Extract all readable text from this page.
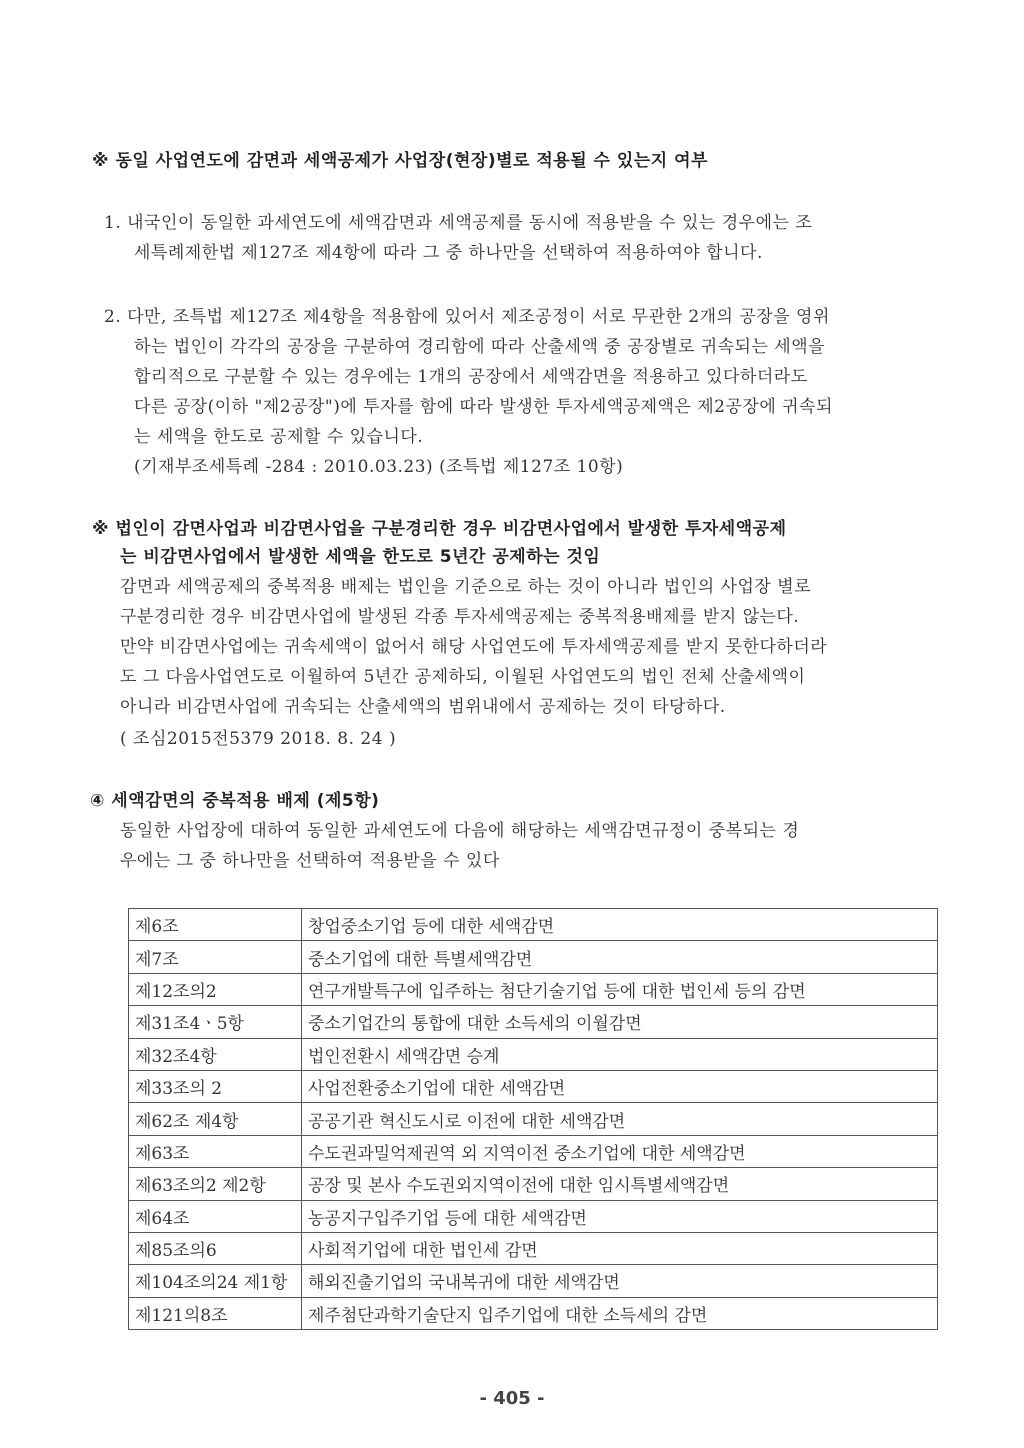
※ 동일 사업연도에 감면과 세액공제가 사업장(현장)별로 적용될 수 있는지 여부
1. 내국인이 동일한 과세연도에 세액감면과 세액공제를 동시에 적용받을 수 있는 경우에는 조
세특례제한법 제127조 제4항에 따라 그 중 하나만을 선택하여 적용하여야 합니다.
2. 다만, 조특법 제127조 제4항을 적용함에 있어서 제조공정이 서로 무관한 2개의 공장을 영위
하는 법인이 각각의 공장을 구분하여 경리함에 따라 산출세액 중 공장별로 귀속되는 세액을
합리적으로 구분할 수 있는 경우에는 1개의 공장에서 세액감면을 적용하고 있다하더라도
다른 공장(이하 "제2공장")에 투자를 함에 따라 발생한 투자세액공제액은 제2공장에 귀속되
는 세액을 한도로 공제할 수 있습니다.
(기재부조세특례 -284 : 2010.03.23) (조특법 제127조 10항)
※ 법인이 감면사업과 비감면사업을 구분경리한 경우 비감면사업에서 발생한 투자세액공제
는 비감면사업에서 발생한 세액을 한도로 5년간 공제하는 것임
감면과 세액공제의 중복적용 배제는 법인을 기준으로 하는 것이 아니라 법인의 사업장 별로
구분경리한 경우 비감면사업에 발생된 각종 투자세액공제는 중복적용배제를 받지 않는다.
만약 비감면사업에는 귀속세액이 없어서 해당 사업연도에 투자세액공제를 받지 못한다하더라
도 그 다음사업연도로 이월하여 5년간 공제하되, 이월된 사업연도의 법인 전체 산출세액이
아니라 비감면사업에 귀속되는 산출세액의 범위내에서 공제하는 것이 타당하다.
( 조심2015전5379 2018. 8. 24 )
④ 세액감면의 중복적용 배제 (제5항)
동일한 사업장에 대하여 동일한 과세연도에 다음에 해당하는 세액감면규정이 중복되는 경
우에는 그 중 하나만을 선택하여 적용받을 수 있다
제6조	창업중소기업 등에 대한 세액감면
제7조	중소기업에 대한 특별세액감면
제12조의2	연구개발특구에 입주하는 첨단기술기업 등에 대한 법인세 등의 감면
제31조4ㆍ5항	중소기업간의 통합에 대한 소득세의 이월감면
제32조4항	법인전환시 세액감면 승계
제33조의 2	사업전환중소기업에 대한 세액감면
제62조 제4항	공공기관 혁신도시로 이전에 대한 세액감면
제63조	수도권과밀억제권역 외 지역이전 중소기업에 대한 세액감면
제63조의2 제2항	공장 및 본사 수도권외지역이전에 대한 임시특별세액감면
제64조	농공지구입주기업 등에 대한 세액감면
제85조의6	사회적기업에 대한 법인세 감면
제104조의24 제1항	해외진출기업의 국내복귀에 대한 세액감면
제121의8조	제주첨단과학기술단지 입주기업에 대한 소득세의 감면
- 405 -
